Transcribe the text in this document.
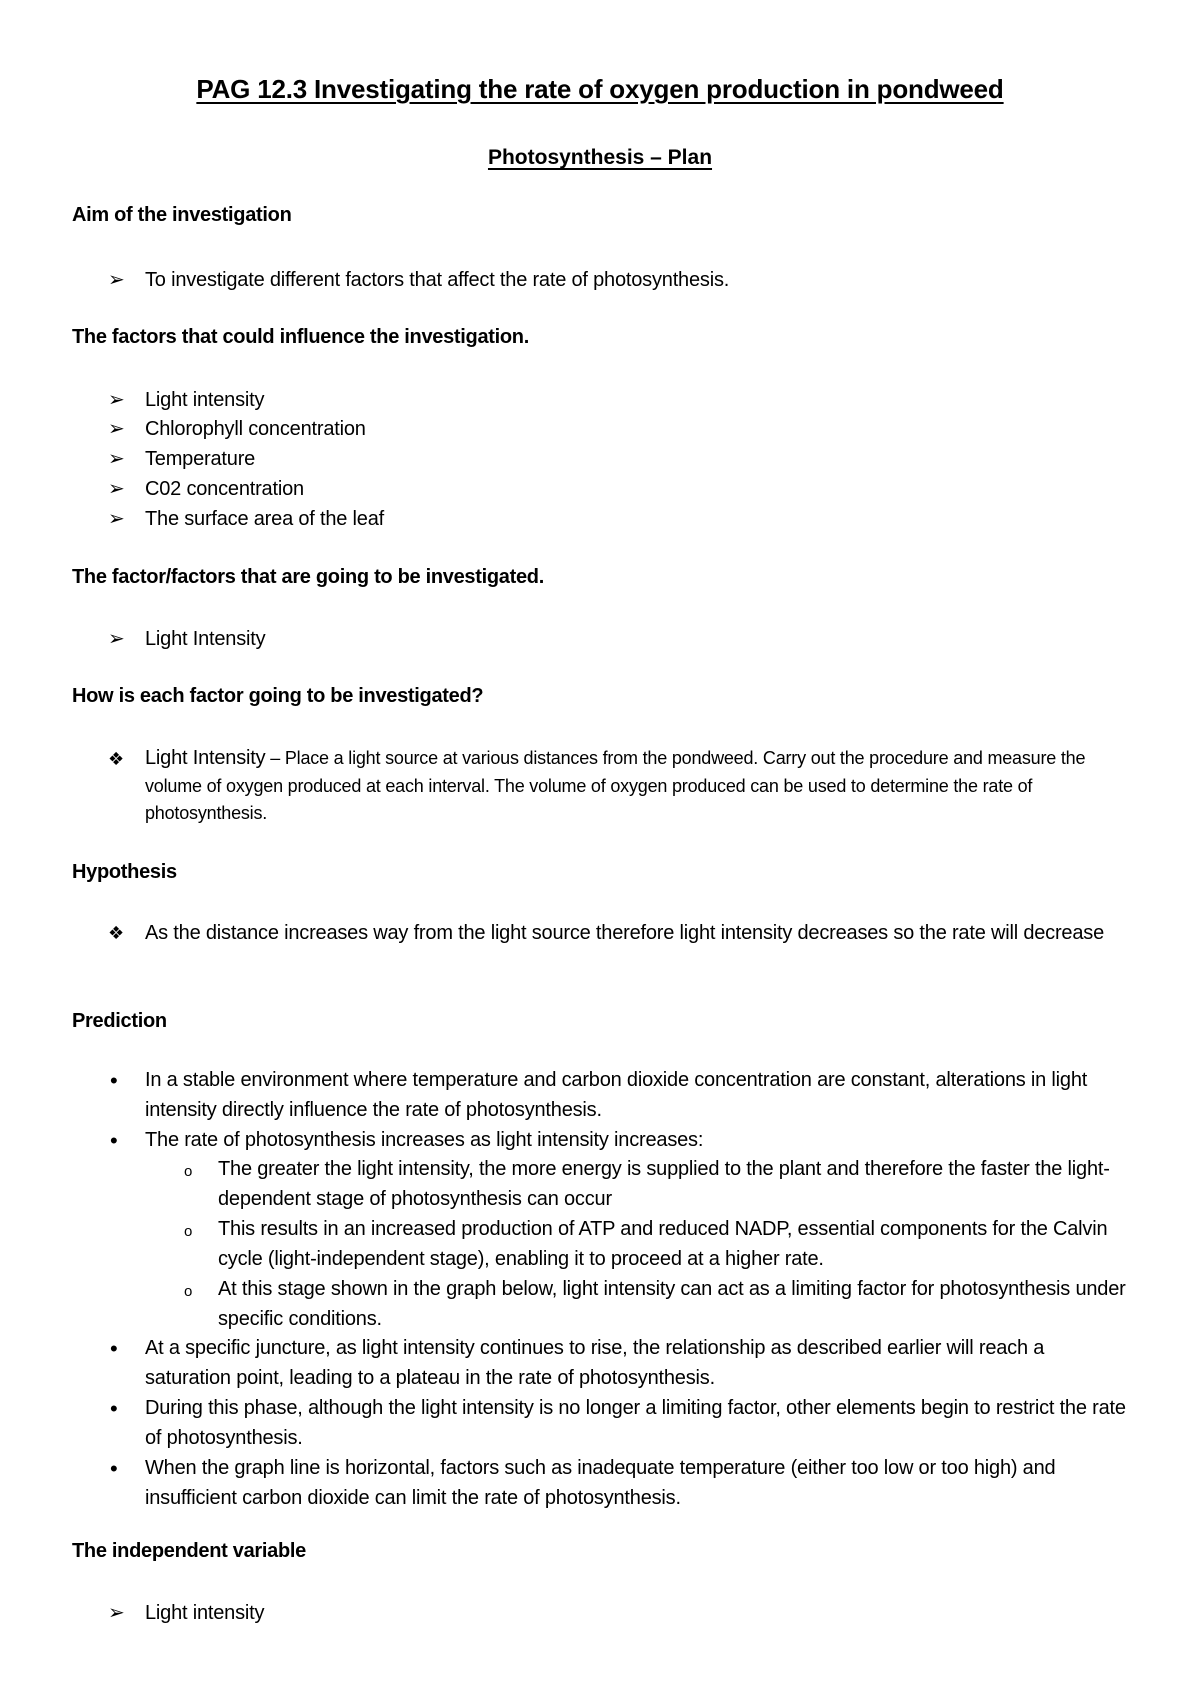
PAG 12.3 Investigating the rate of oxygen production in pondweed
Photosynthesis – Plan
Aim of the investigation
➢ To investigate different factors that affect the rate of photosynthesis.
The factors that could influence the investigation.
➢ Light intensity
➢ Chlorophyll concentration
➢ Temperature
➢ C02 concentration
➢ The surface area of the leaf
The factor/factors that are going to be investigated.
➢ Light Intensity
How is each factor going to be investigated?
❖ Light Intensity – Place a light source at various distances from the pondweed. Carry out the procedure and measure the volume of oxygen produced at each interval. The volume of oxygen produced can be used to determine the rate of photosynthesis.
Hypothesis
❖ As the distance increases way from the light source therefore light intensity decreases so the rate will decrease
Prediction
• In a stable environment where temperature and carbon dioxide concentration are constant, alterations in light intensity directly influence the rate of photosynthesis.
• The rate of photosynthesis increases as light intensity increases:
o The greater the light intensity, the more energy is supplied to the plant and therefore the faster the light-dependent stage of photosynthesis can occur
o This results in an increased production of ATP and reduced NADP, essential components for the Calvin cycle (light-independent stage), enabling it to proceed at a higher rate.
o At this stage shown in the graph below, light intensity can act as a limiting factor for photosynthesis under specific conditions.
• At a specific juncture, as light intensity continues to rise, the relationship as described earlier will reach a saturation point, leading to a plateau in the rate of photosynthesis.
• During this phase, although the light intensity is no longer a limiting factor, other elements begin to restrict the rate of photosynthesis.
• When the graph line is horizontal, factors such as inadequate temperature (either too low or too high) and insufficient carbon dioxide can limit the rate of photosynthesis.
The independent variable
➢ Light intensity
